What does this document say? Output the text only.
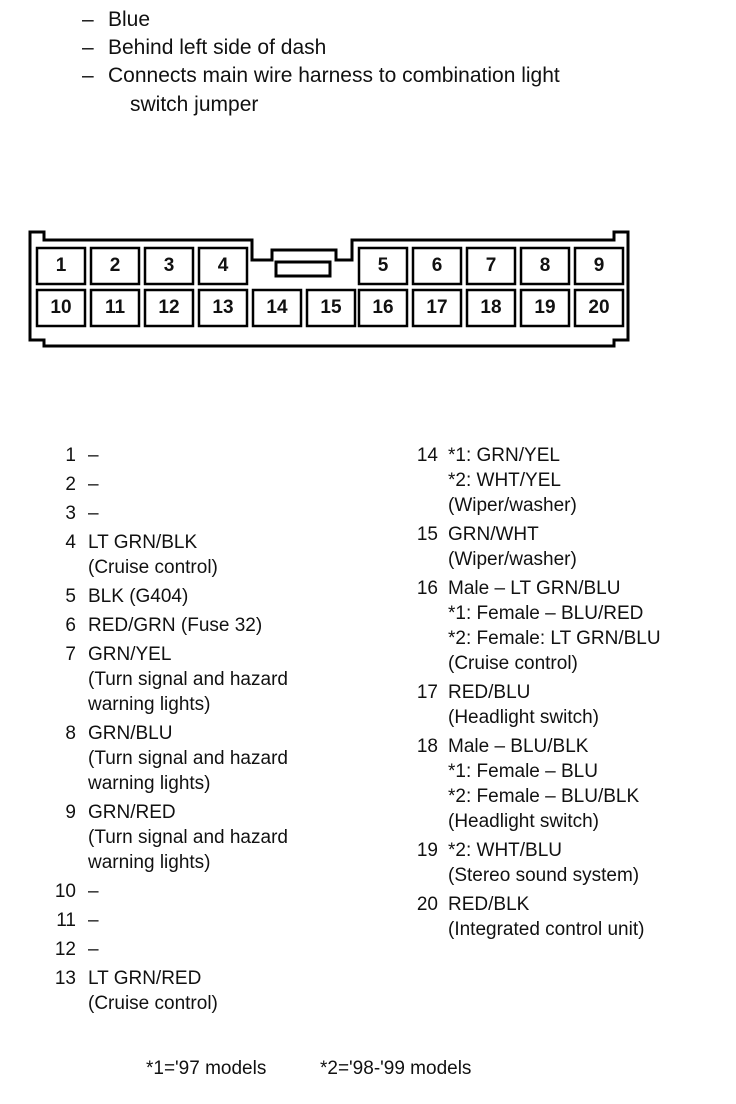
– Blue
– Behind left side of dash
– Connects main wire harness to combination light
switch jumper
1	2	3	4	5	6	7	8	9
10	11	12	13	14	15	16	17	18	19	20
1 –
2 –
3 –
4 LT GRN/BLK
(Cruise control)
5 BLK (G404)
6 RED/GRN (Fuse 32)
7 GRN/YEL
(Turn signal and hazard
warning lights)
8 GRN/BLU
(Turn signal and hazard
warning lights)
9 GRN/RED
(Turn signal and hazard
warning lights)
10 –
11 –
12 –
13 LT GRN/RED
(Cruise control)
14 *1: GRN/YEL
*2: WHT/YEL
(Wiper/washer)
15 GRN/WHT
(Wiper/washer)
16 Male – LT GRN/BLU
*1: Female – BLU/RED
*2: Female: LT GRN/BLU
(Cruise control)
17 RED/BLU
(Headlight switch)
18 Male – BLU/BLK
*1: Female – BLU
*2: Female – BLU/BLK
(Headlight switch)
19 *2: WHT/BLU
(Stereo sound system)
20 RED/BLK
(Integrated control unit)
*1='97 models	*2='98-'99 models
